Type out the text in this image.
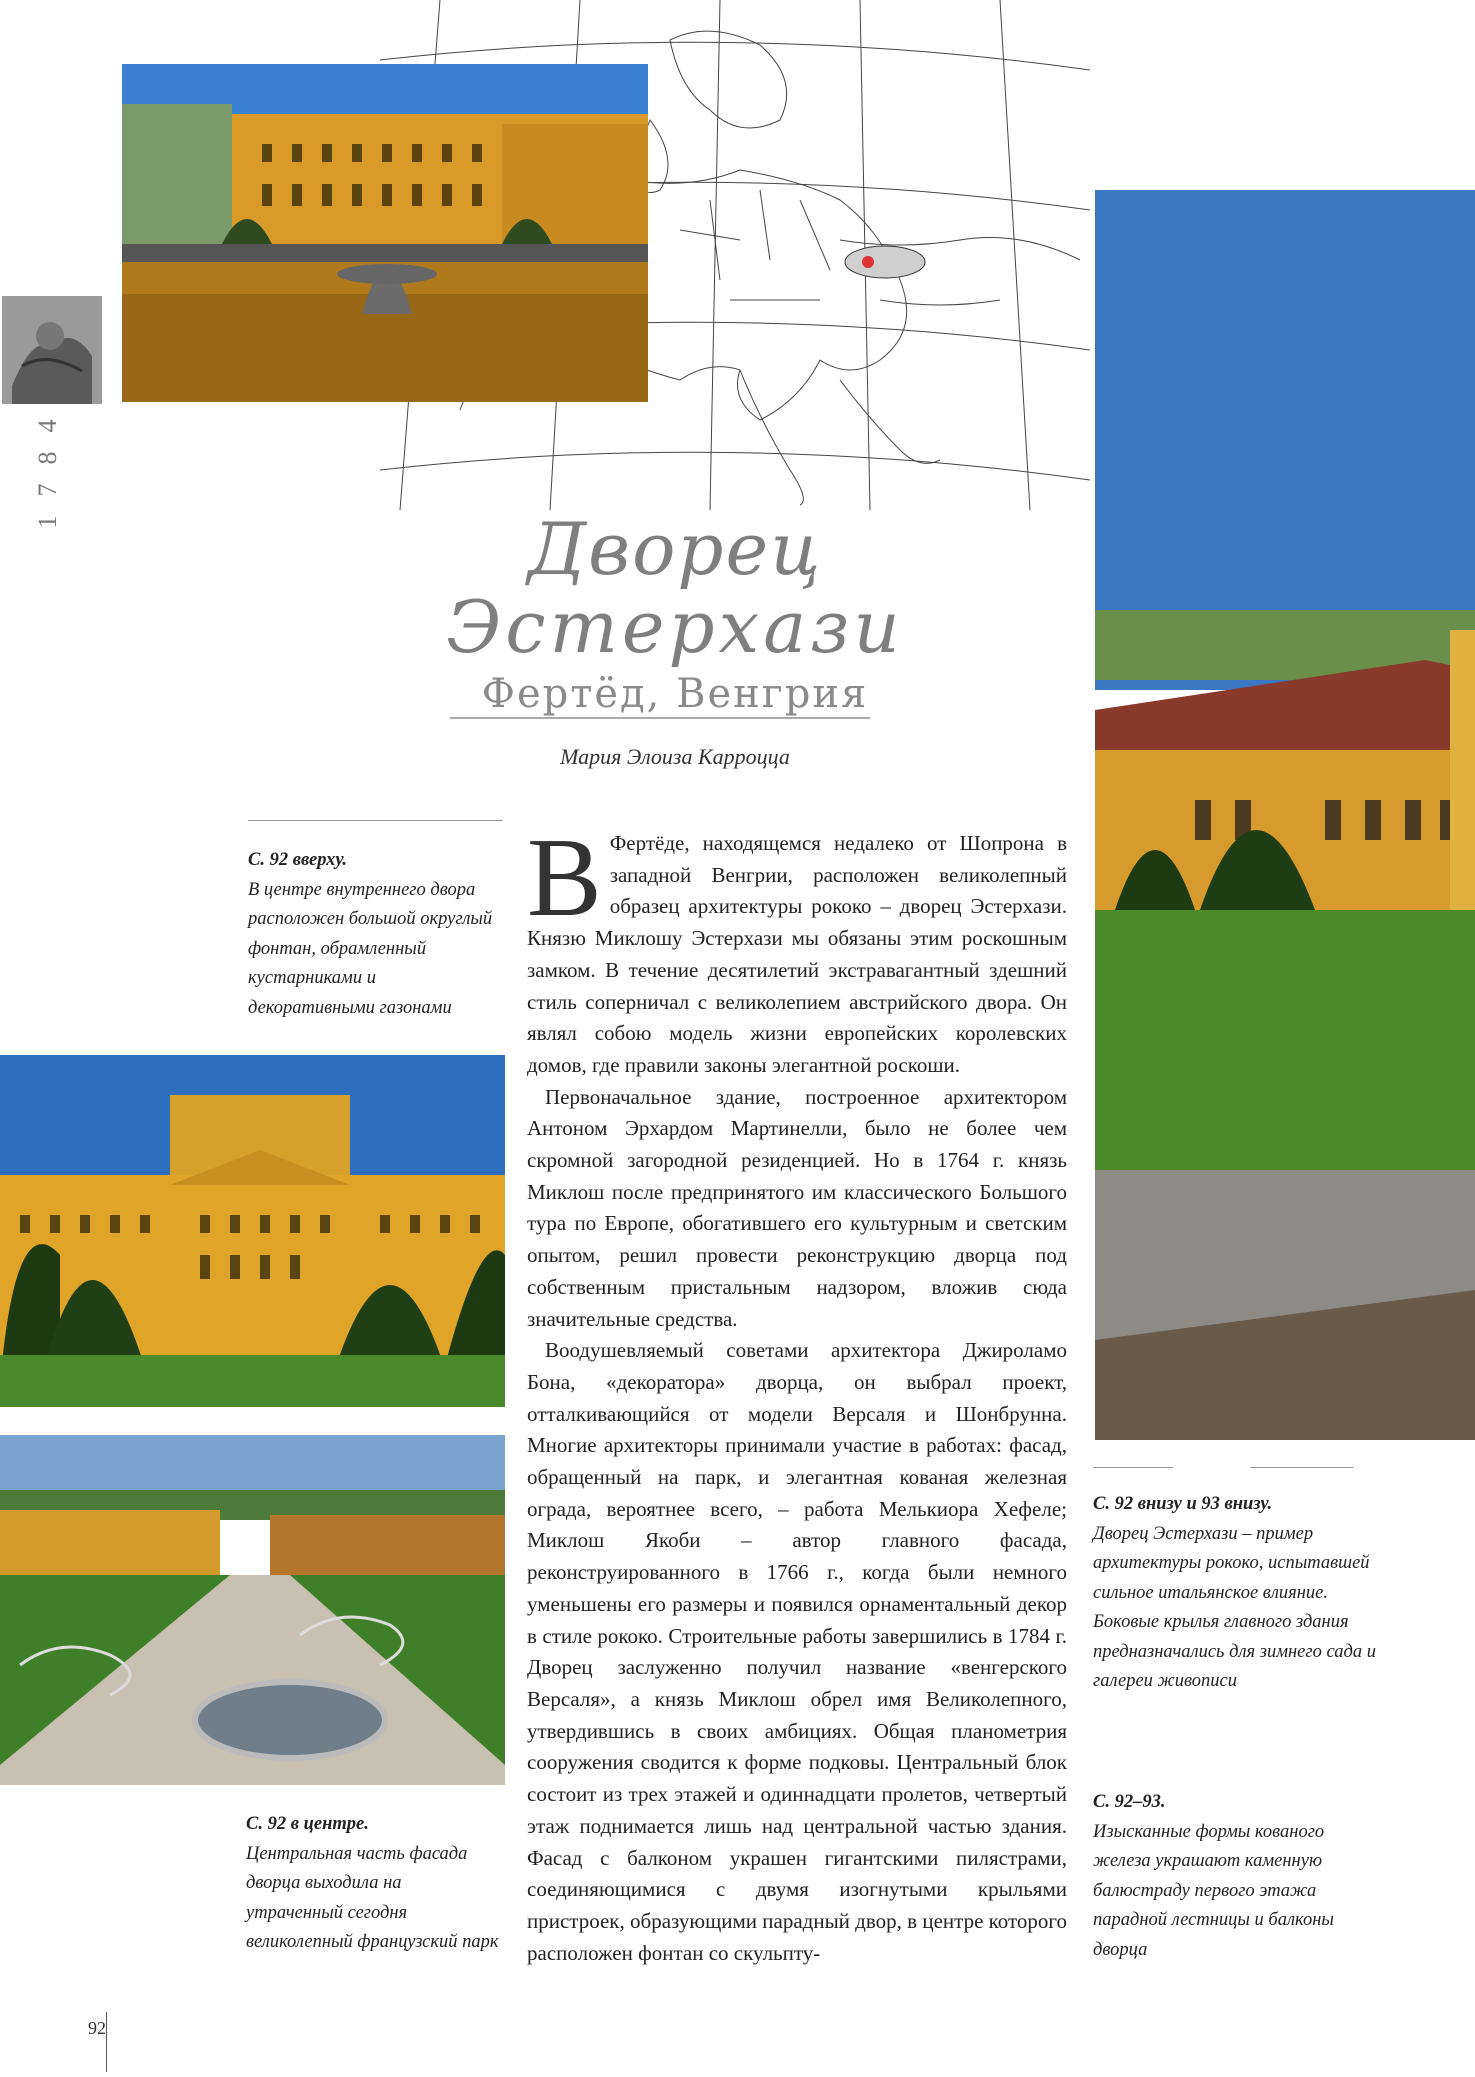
4
8
7
1	Дворец
Эстерхази
Фертёд, Венгрия
Мария Элоиза Карроцца
С. 92 вверху.
В центре внутреннего двора расположен большой округлый фонтан, обрамленный кустарниками и декоративными газонами
С. 92 в центре.
Центральная часть фасада дворца выходила на утраченный сегодня великолепный французский парк
С. 92 внизу и 93 внизу.
Дворец Эстерхази – пример архитектуры рококо, испытавшей сильное итальянское влияние. Боковые крылья главного здания предназначались для зимнего сада и галереи живописи
С. 92–93.
Изысканные формы кованого железа украшают каменную балюстраду первого этажа парадной лестницы и балконы дворца

В Фертёде, находящемся недалеко от Шопрона в западной Венгрии, расположен великолепный образец архитектуры рококо – дворец Эстерхази. Князю Миклошу Эстерхази мы обязаны этим роскошным замком. В течение десятилетий экстравагантный здешний стиль соперничал с великолепием австрийского двора. Он являл собою модель жизни европейских королевских домов, где правили законы элегантной роскоши.

Первоначальное здание, построенное архитектором Антоном Эрхардом Мартинелли, было не более чем скромной загородной резиденцией. Но в 1764 г. князь Миклош после предпринятого им классического Большого тура по Европе, обогатившего его культурным и светским опытом, решил провести реконструкцию дворца под собственным пристальным надзором, вложив сюда значительные средства.

Воодушевляемый советами архитектора Джироламо Бона, «декоратора» дворца, он выбрал проект, отталкивающийся от модели Версаля и Шонбрунна. Многие архитекторы принимали участие в работах: фасад, обращенный на парк, и элегантная кованая железная ограда, вероятнее всего, – работа Мелькиора Хефеле; Миклош Якоби – автор главного фасада, реконструированного в 1766 г., когда были немного уменьшены его размеры и появился орнаментальный декор в стиле рококо. Строительные работы завершились в 1784 г. Дворец заслуженно получил название «венгерского Версаля», а князь Миклош обрел имя Великолепного, утвердившись в своих амбициях. Общая планометрия сооружения сводится к форме подковы. Центральный блок состоит из трех этажей и одиннадцати пролетов, четвертый этаж поднимается лишь над центральной частью здания. Фасад с балконом украшен гигантскими пилястрами, соединяющимися с двумя изогнутыми крыльями пристроек, образующими парадный двор, в центре которого расположен фонтан со скульпту-

92
